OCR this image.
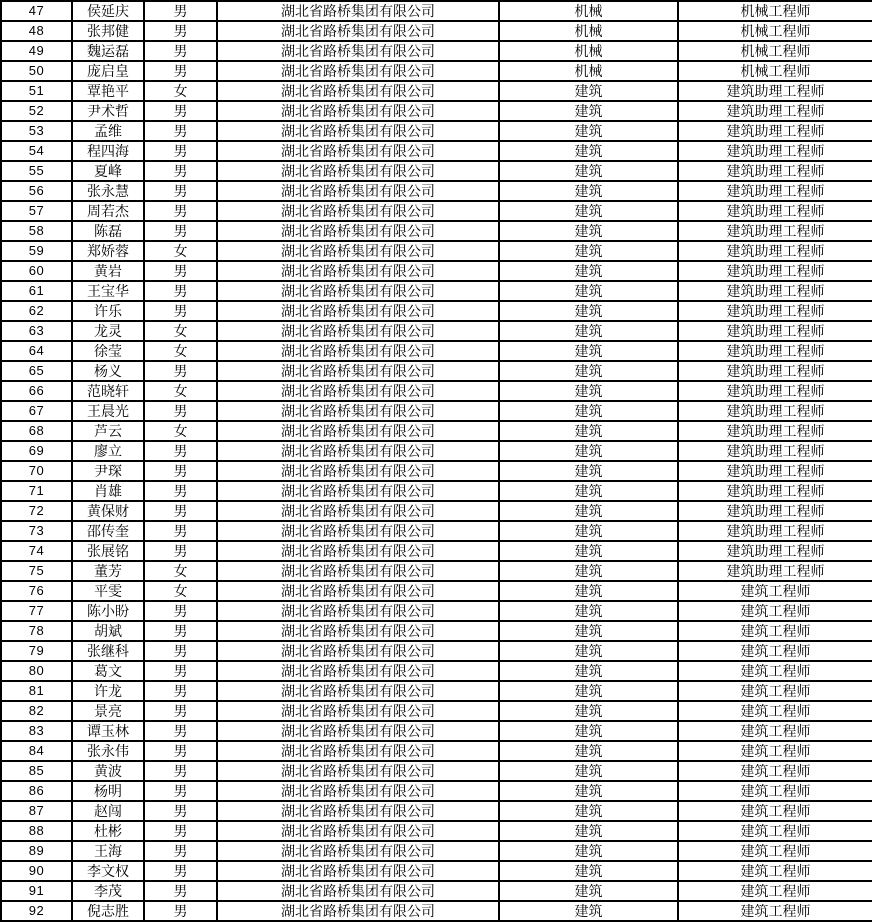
47	侯延庆	男	湖北省路桥集团有限公司	机械	机械工程师
48	张邦健	男	湖北省路桥集团有限公司	机械	机械工程师
49	魏运磊	男	湖北省路桥集团有限公司	机械	机械工程师
50	庞启皇	男	湖北省路桥集团有限公司	机械	机械工程师
51	覃艳平	女	湖北省路桥集团有限公司	建筑	建筑助理工程师
52	尹术哲	男	湖北省路桥集团有限公司	建筑	建筑助理工程师
53	孟维	男	湖北省路桥集团有限公司	建筑	建筑助理工程师
54	程四海	男	湖北省路桥集团有限公司	建筑	建筑助理工程师
55	夏峰	男	湖北省路桥集团有限公司	建筑	建筑助理工程师
56	张永慧	男	湖北省路桥集团有限公司	建筑	建筑助理工程师
57	周若杰	男	湖北省路桥集团有限公司	建筑	建筑助理工程师
58	陈磊	男	湖北省路桥集团有限公司	建筑	建筑助理工程师
59	郑娇蓉	女	湖北省路桥集团有限公司	建筑	建筑助理工程师
60	黄岩	男	湖北省路桥集团有限公司	建筑	建筑助理工程师
61	王宝华	男	湖北省路桥集团有限公司	建筑	建筑助理工程师
62	许乐	男	湖北省路桥集团有限公司	建筑	建筑助理工程师
63	龙灵	女	湖北省路桥集团有限公司	建筑	建筑助理工程师
64	徐莹	女	湖北省路桥集团有限公司	建筑	建筑助理工程师
65	杨义	男	湖北省路桥集团有限公司	建筑	建筑助理工程师
66	范晓轩	女	湖北省路桥集团有限公司	建筑	建筑助理工程师
67	王晨光	男	湖北省路桥集团有限公司	建筑	建筑助理工程师
68	芦云	女	湖北省路桥集团有限公司	建筑	建筑助理工程师
69	廖立	男	湖北省路桥集团有限公司	建筑	建筑助理工程师
70	尹琛	男	湖北省路桥集团有限公司	建筑	建筑助理工程师
71	肖雄	男	湖北省路桥集团有限公司	建筑	建筑助理工程师
72	黄保财	男	湖北省路桥集团有限公司	建筑	建筑助理工程师
73	邵传奎	男	湖北省路桥集团有限公司	建筑	建筑助理工程师
74	张展铭	男	湖北省路桥集团有限公司	建筑	建筑助理工程师
75	董芳	女	湖北省路桥集团有限公司	建筑	建筑助理工程师
76	平雯	女	湖北省路桥集团有限公司	建筑	建筑工程师
77	陈小盼	男	湖北省路桥集团有限公司	建筑	建筑工程师
78	胡斌	男	湖北省路桥集团有限公司	建筑	建筑工程师
79	张继科	男	湖北省路桥集团有限公司	建筑	建筑工程师
80	葛文	男	湖北省路桥集团有限公司	建筑	建筑工程师
81	许龙	男	湖北省路桥集团有限公司	建筑	建筑工程师
82	景亮	男	湖北省路桥集团有限公司	建筑	建筑工程师
83	谭玉林	男	湖北省路桥集团有限公司	建筑	建筑工程师
84	张永伟	男	湖北省路桥集团有限公司	建筑	建筑工程师
85	黄波	男	湖北省路桥集团有限公司	建筑	建筑工程师
86	杨明	男	湖北省路桥集团有限公司	建筑	建筑工程师
87	赵闯	男	湖北省路桥集团有限公司	建筑	建筑工程师
88	杜彬	男	湖北省路桥集团有限公司	建筑	建筑工程师
89	王海	男	湖北省路桥集团有限公司	建筑	建筑工程师
90	李文权	男	湖北省路桥集团有限公司	建筑	建筑工程师
91	李茂	男	湖北省路桥集团有限公司	建筑	建筑工程师
92	倪志胜	男	湖北省路桥集团有限公司	建筑	建筑工程师
